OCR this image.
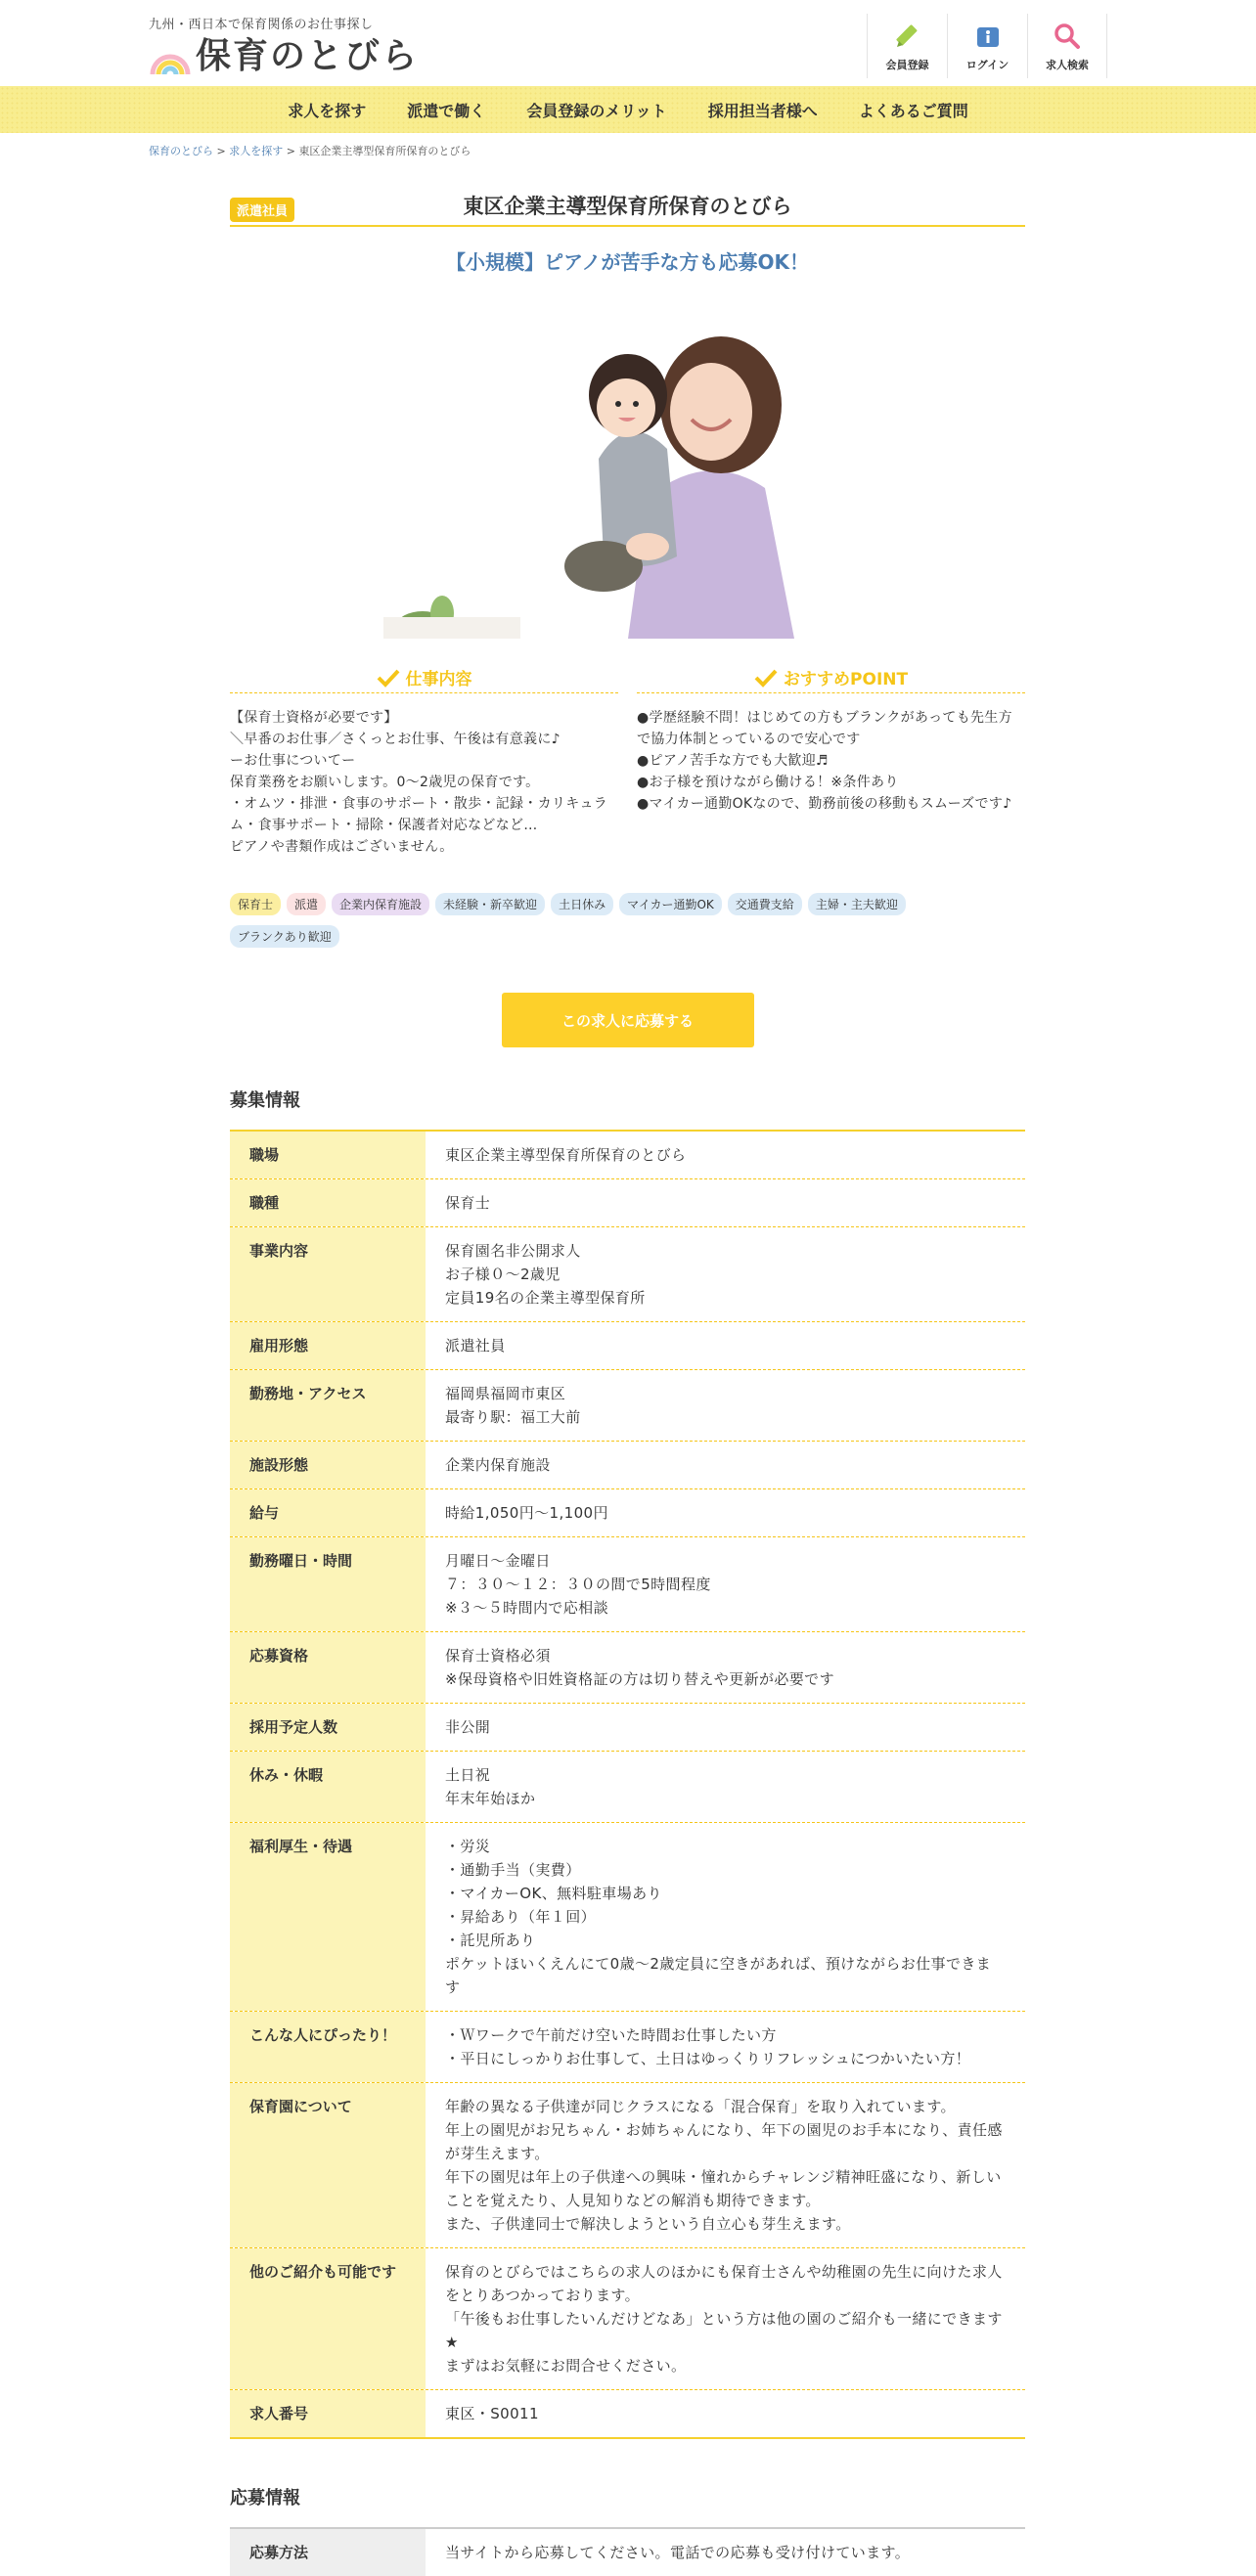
九州・西日本で保育関係のお仕事探し
保育のとびら	会員登録	ログイン	求人検索
求人を探す	派遣で働く	会員登録のメリット	採用担当者様へ	よくあるご質問
保育のとびら > 求人を探す > 東区企業主導型保育所保育のとびら
派遣社員	東区企業主導型保育所保育のとびら
【小規模】ピアノが苦手な方も応募OK！
仕事内容
【保育士資格が必要です】
＼早番のお仕事／さくっとお仕事、午後は有意義に♪
ーお仕事についてー
保育業務をお願いします。0～2歳児の保育です。
・オムツ・排泄・食事のサポート・散歩・記録・カリキュラム・食事サポート・掃除・保護者対応などなど…
ピアノや書類作成はございません。
おすすめPOINT
●学歴経験不問！はじめての方もブランクがあっても先生方で協力体制とっているので安心です
●ピアノ苦手な方でも大歓迎♬
●お子様を預けながら働ける！※条件あり
●マイカー通勤OKなので、勤務前後の移動もスムーズです♪
保育士	派遣	企業内保育施設	未経験・新卒歓迎	土日休み	マイカー通勤OK	交通費支給	主婦・主夫歓迎
ブランクあり歓迎
この求人に応募する
募集情報
職場	東区企業主導型保育所保育のとびら
職種	保育士
事業内容	保育園名非公開求人
お子様０～2歳児
定員19名の企業主導型保育所
雇用形態	派遣社員
勤務地・アクセス	福岡県福岡市東区
最寄り駅：福工大前
施設形態	企業内保育施設
給与	時給1,050円～1,100円
勤務曜日・時間	月曜日～金曜日
７：３０～１２：３０の間で5時間程度
※３～５時間内で応相談
応募資格	保育士資格必須
※保母資格や旧姓資格証の方は切り替えや更新が必要です
採用予定人数	非公開
休み・休暇	土日祝
年末年始ほか
福利厚生・待遇	・労災
・通勤手当（実費）
・マイカーOK、無料駐車場あり
・昇給あり（年１回）
・託児所あり
ポケットほいくえんにて0歳～2歳定員に空きがあれば、預けながらお仕事できます
こんな人にぴったり！	・Ｗワークで午前だけ空いた時間お仕事したい方
・平日にしっかりお仕事して、土日はゆっくりリフレッシュにつかいたい方！
保育園について	年齢の異なる子供達が同じクラスになる「混合保育」を取り入れています。
年上の園児がお兄ちゃん・お姉ちゃんになり、年下の園児のお手本になり、責任感が芽生えます。
年下の園児は年上の子供達への興味・憧れからチャレンジ精神旺盛になり、新しいことを覚えたり、人見知りなどの解消も期待できます。
また、子供達同士で解決しようという自立心も芽生えます。
他のご紹介も可能です	保育のとびらではこちらの求人のほかにも保育士さんや幼稚園の先生に向けた求人をとりあつかっております。
「午後もお仕事したいんだけどなあ」という方は他の園のご紹介も一緒にできます★
まずはお気軽にお問合せください。
求人番号	東区・S0011
応募情報
応募方法	当サイトから応募してください。電話での応募も受け付けています。
